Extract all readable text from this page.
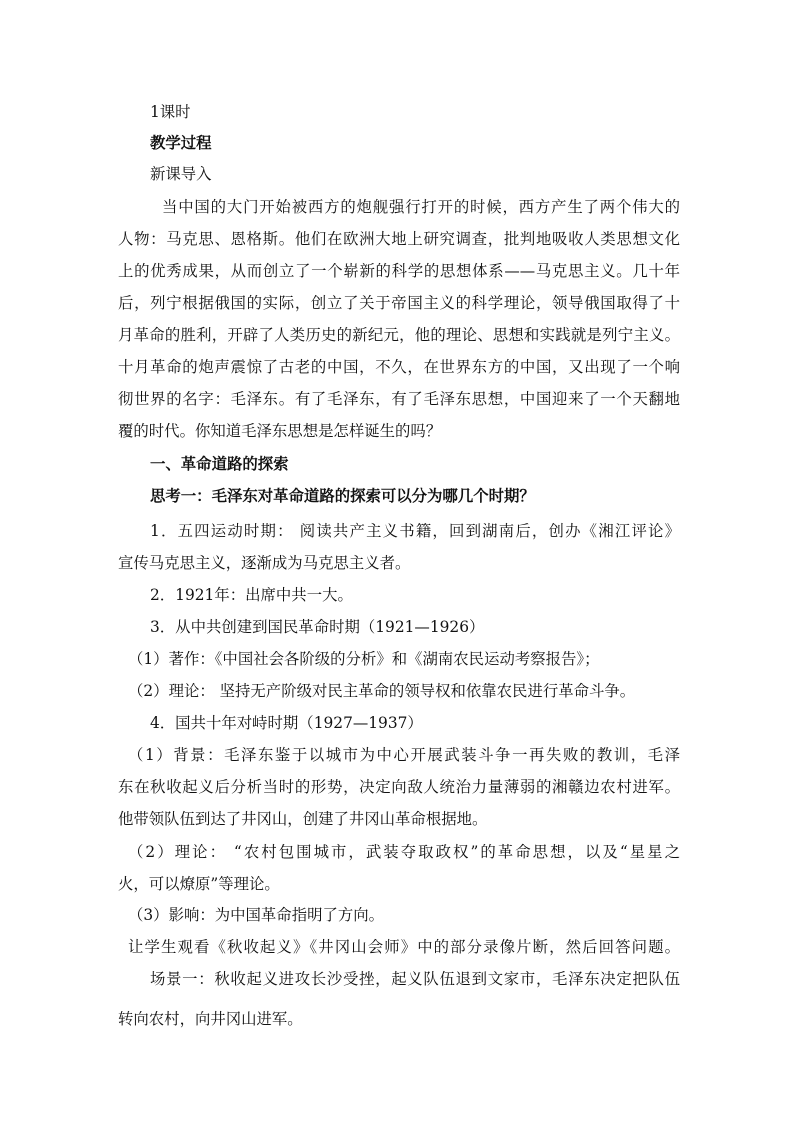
1课时
教学过程
新课导入
当中国的大门开始被西方的炮舰强行打开的时候，西方产生了两个伟大的
人物：马克思、恩格斯。他们在欧洲大地上研究调查，批判地吸收人类思想文化
上的优秀成果，从而创立了一个崭新的科学的思想体系——马克思主义。几十年
后，列宁根据俄国的实际，创立了关于帝国主义的科学理论，领导俄国取得了十
月革命的胜利，开辟了人类历史的新纪元，他的理论、思想和实践就是列宁主义。
十月革命的炮声震惊了古老的中国，不久，在世界东方的中国，又出现了一个响
彻世界的名字：毛泽东。有了毛泽东，有了毛泽东思想，中国迎来了一个天翻地
覆的时代。你知道毛泽东思想是怎样诞生的吗？
一、革命道路的探索
思考一：毛泽东对革命道路的探索可以分为哪几个时期？
1．五四运动时期： 阅读共产主义书籍，回到湖南后，创办《湘江评论》
宣传马克思主义，逐渐成为马克思主义者。
2．1921年：出席中共一大。
3．从中共创建到国民革命时期（1921—1926）
（1）著作：《中国社会各阶级的分析》和《湖南农民运动考察报告》；
（2）理论： 坚持无产阶级对民主革命的领导权和依靠农民进行革命斗争。
4．国共十年对峙时期（1927—1937）
（1）背景：毛泽东鉴于以城市为中心开展武装斗争一再失败的教训，毛泽
东在秋收起义后分析当时的形势，决定向敌人统治力量薄弱的湘赣边农村进军。
他带领队伍到达了井冈山，创建了井冈山革命根据地。
（2）理论： “农村包围城市，武装夺取政权”的革命思想，以及“星星之
火，可以燎原”等理论。
（3）影响：为中国革命指明了方向。
让学生观看《秋收起义》《井冈山会师》中的部分录像片断，然后回答问题。
场景一：秋收起义进攻长沙受挫，起义队伍退到文家市，毛泽东决定把队伍
转向农村，向井冈山进军。
